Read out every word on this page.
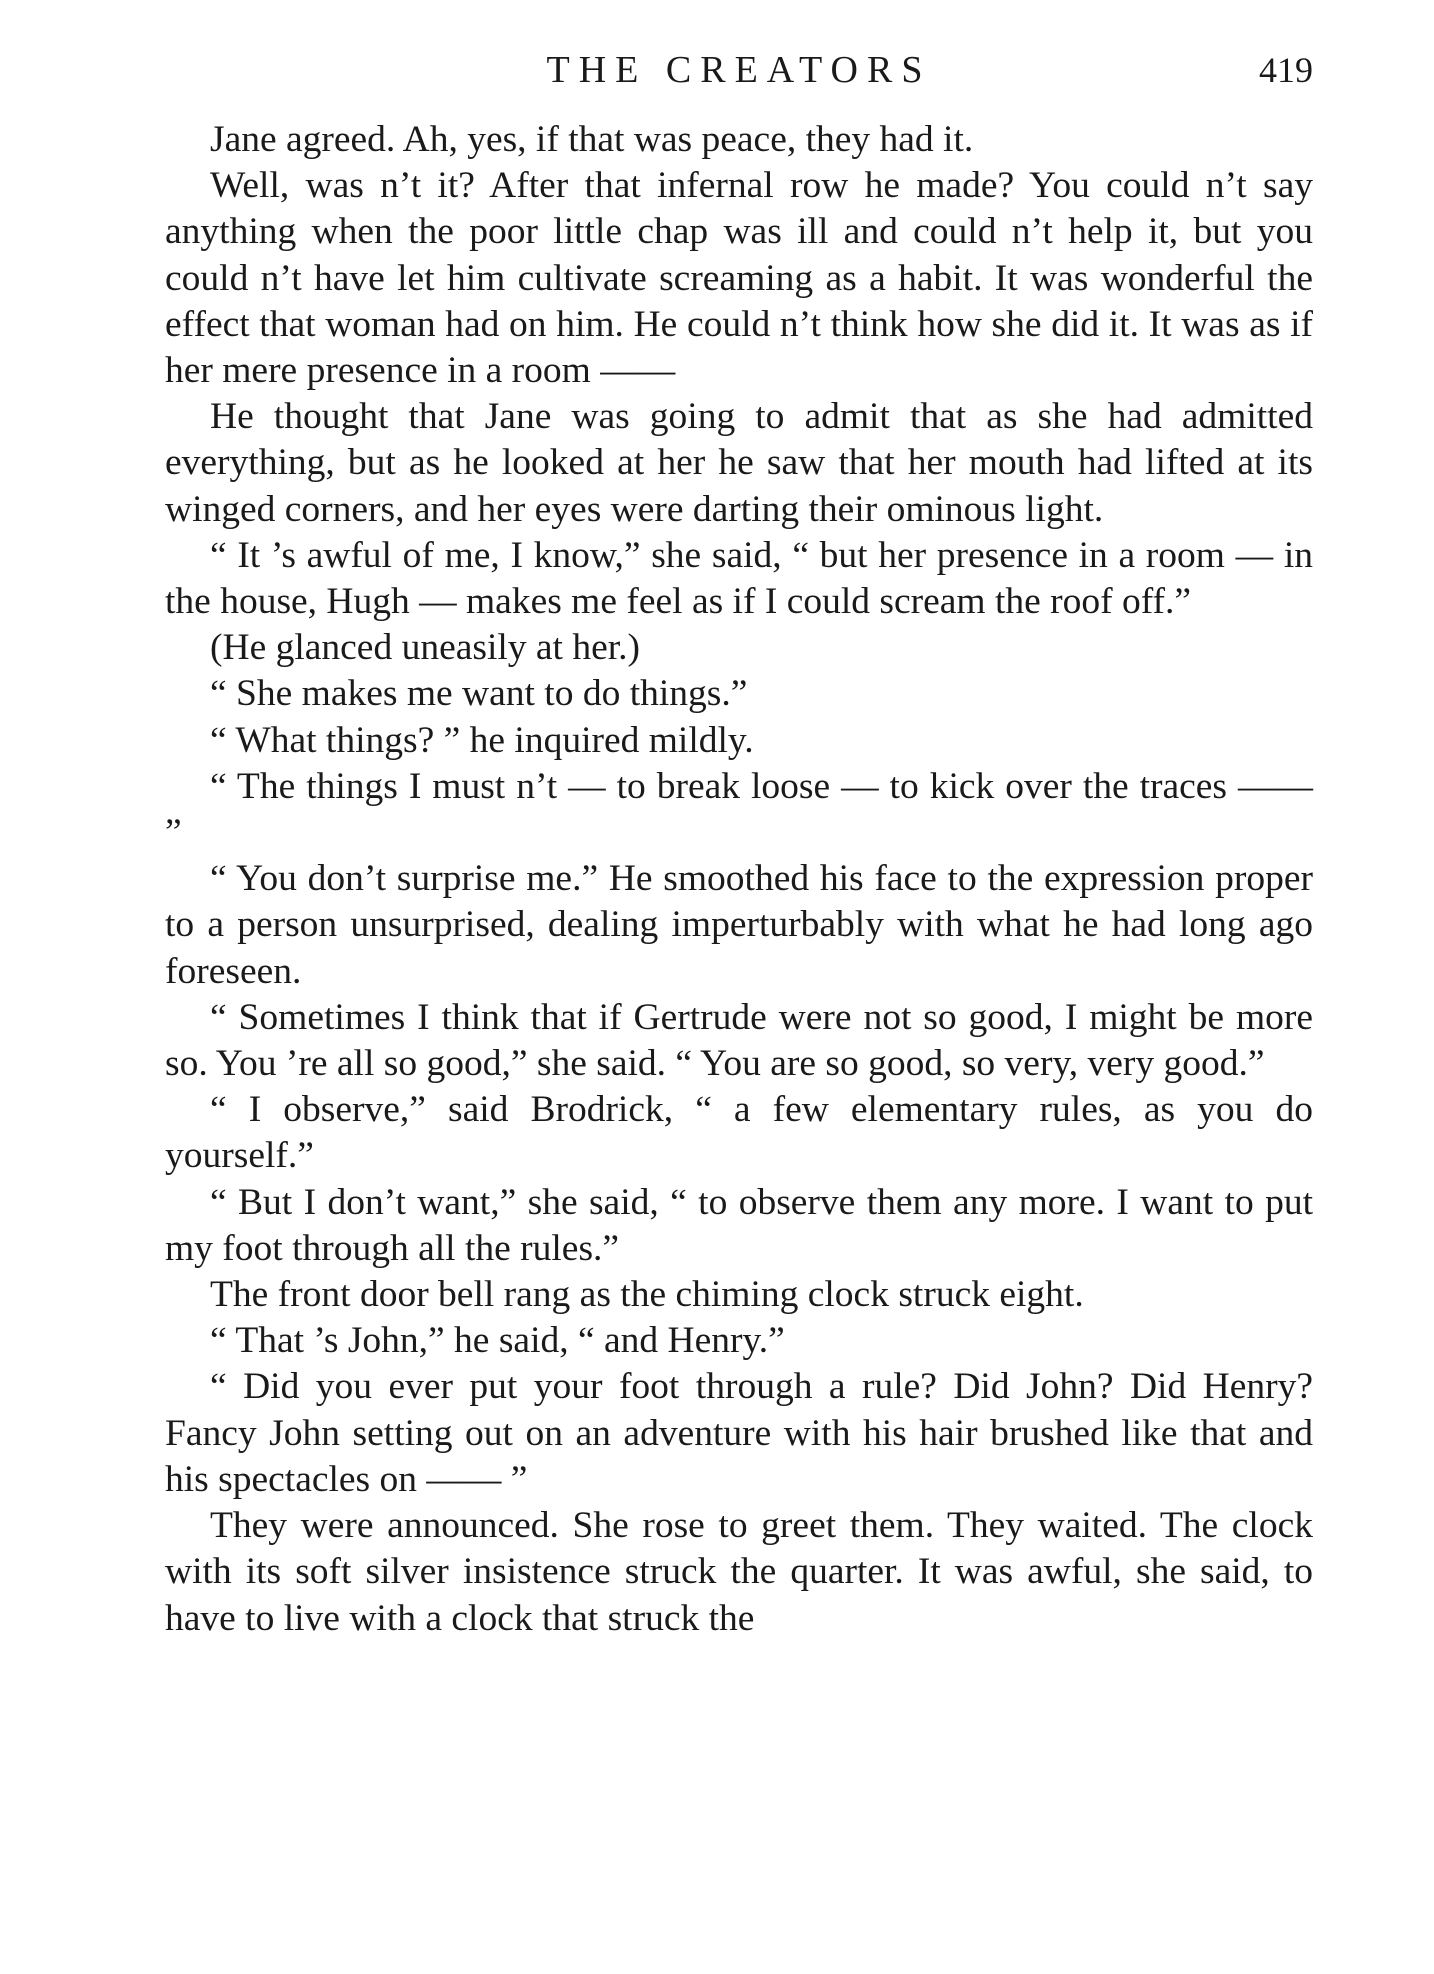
THE CREATORS	419

Jane agreed. Ah, yes, if that was peace, they had it.

Well, was n’t it? After that infernal row he made? You could n’t say anything when the poor little chap was ill and could n’t help it, but you could n’t have let him cultivate screaming as a habit. It was wonderful the effect that woman had on him. He could n’t think how she did it. It was as if her mere presence in a room ——

He thought that Jane was going to admit that as she had admitted everything, but as he looked at her he saw that her mouth had lifted at its winged corners, and her eyes were darting their ominous light.

“ It ’s awful of me, I know,” she said, “ but her presence in a room — in the house, Hugh — makes me feel as if I could scream the roof off.”

(He glanced uneasily at her.)

“ She makes me want to do things.”

“ What things? ” he inquired mildly.

“ The things I must n’t — to break loose — to kick over the traces —— ”

“ You don’t surprise me.” He smoothed his face to the expression proper to a person unsurprised, dealing imperturbably with what he had long ago foreseen.

“ Sometimes I think that if Gertrude were not so good, I might be more so. You ’re all so good,” she said. “ You are so good, so very, very good.”

“ I observe,” said Brodrick, “ a few elementary rules, as you do yourself.”

“ But I don’t want,” she said, “ to observe them any more. I want to put my foot through all the rules.”

The front door bell rang as the chiming clock struck eight.

“ That ’s John,” he said, “ and Henry.”

“ Did you ever put your foot through a rule? Did John? Did Henry? Fancy John setting out on an adventure with his hair brushed like that and his spectacles on —— ”

They were announced. She rose to greet them. They waited. The clock with its soft silver insistence struck the quarter. It was awful, she said, to have to live with a clock that struck the
